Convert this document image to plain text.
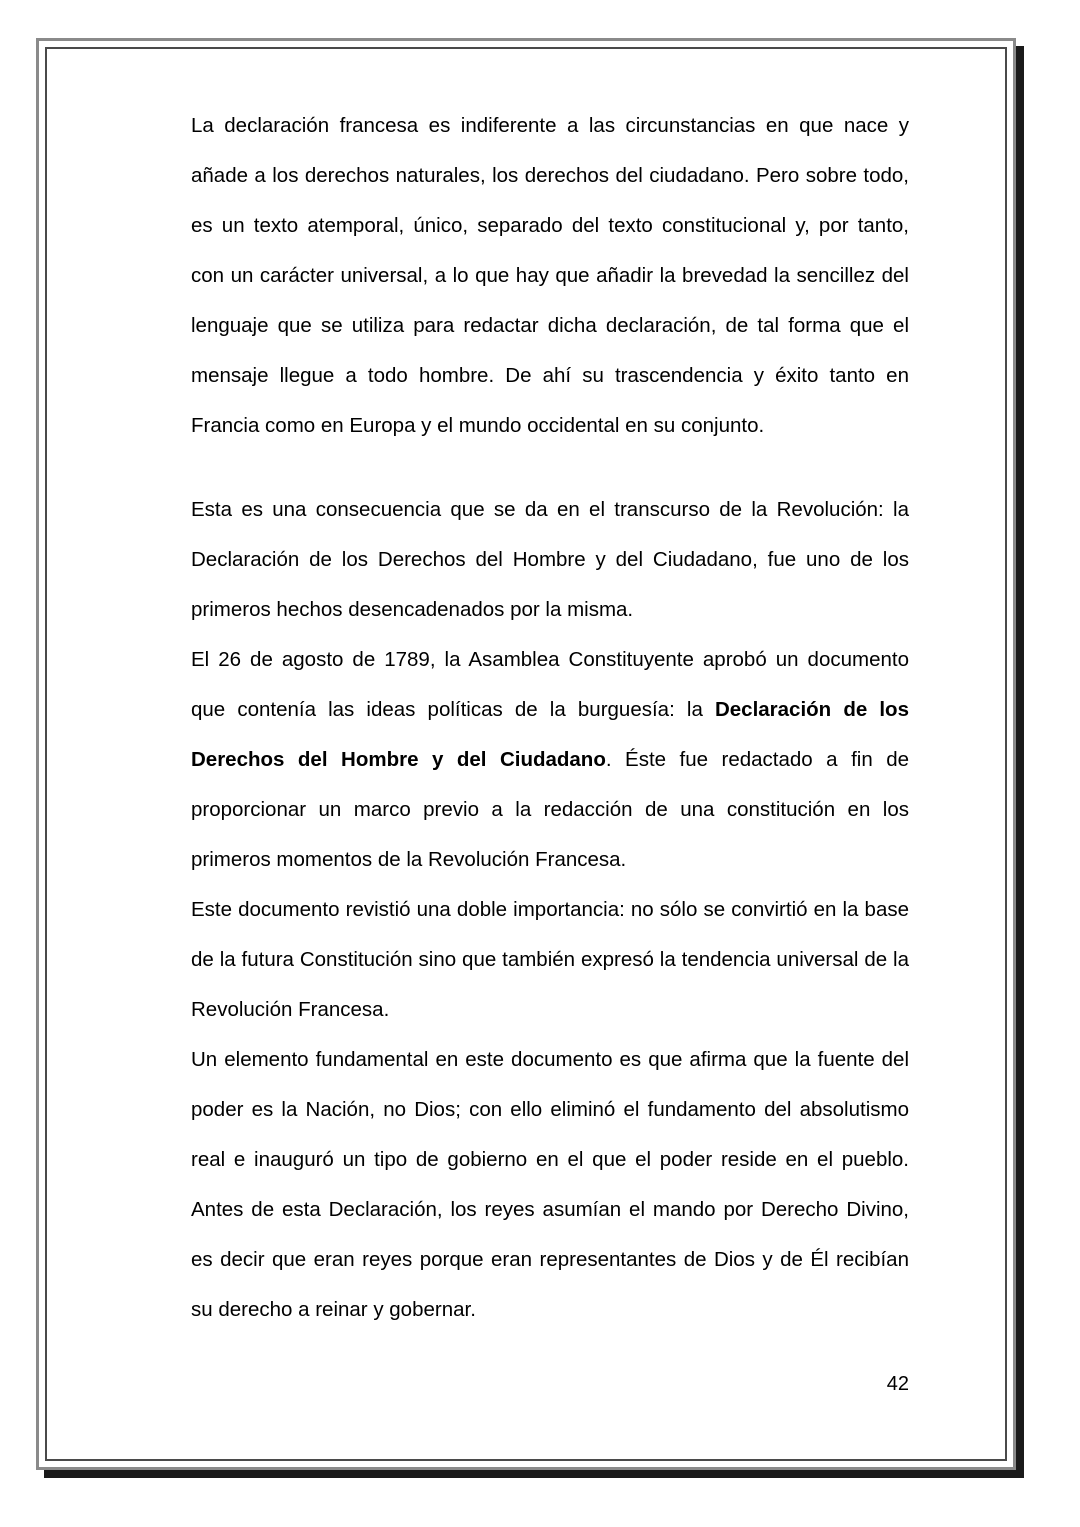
La declaración francesa es indiferente a las circunstancias en que nace y añade a los derechos naturales, los derechos del ciudadano. Pero sobre todo, es un texto atemporal, único, separado del texto constitucional y, por tanto, con un carácter universal, a lo que hay que añadir la brevedad la sencillez del lenguaje que se utiliza para redactar dicha declaración, de tal forma que el mensaje llegue a todo hombre. De ahí su trascendencia y éxito tanto en Francia como en Europa y el mundo occidental en su conjunto.

Esta es una consecuencia que se da en el transcurso de la Revolución: la Declaración de los Derechos del Hombre y del Ciudadano, fue uno de los primeros hechos desencadenados por la misma.

El 26 de agosto de 1789, la Asamblea Constituyente aprobó un documento que contenía las ideas políticas de la burguesía: la Declaración de los Derechos del Hombre y del Ciudadano. Éste fue redactado a fin de proporcionar un marco previo a la redacción de una constitución en los primeros momentos de la Revolución Francesa.

Este documento revistió una doble importancia: no sólo se convirtió en la base de la futura Constitución sino que también expresó la tendencia universal de la Revolución Francesa.

Un elemento fundamental en este documento es que afirma que la fuente del poder es la Nación, no Dios; con ello eliminó el fundamento del absolutismo real e inauguró un tipo de gobierno en el que el poder reside en el pueblo. Antes de esta Declaración, los reyes asumían el mando por Derecho Divino, es decir que eran reyes porque eran representantes de Dios y de Él recibían su derecho a reinar y gobernar.

42
